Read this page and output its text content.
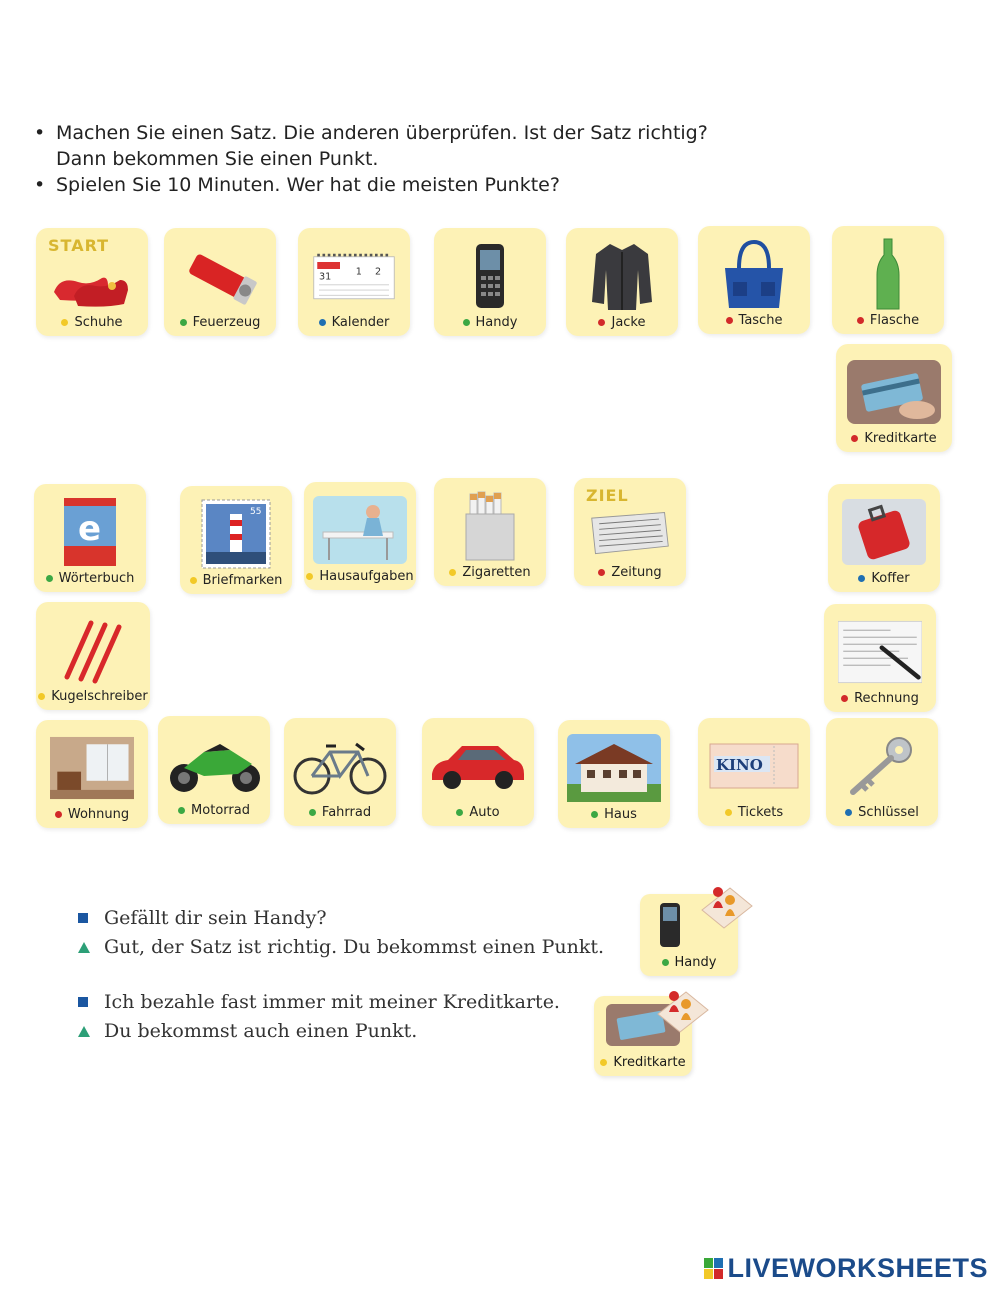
• Machen Sie einen Satz. Die anderen überprüfen. Ist der Satz richtig?
Dann bekommen Sie einen Punkt.
• Spielen Sie 10 Minuten. Wer hat die meisten Punkte?
START
Schuhe	Feuerzeug
31 1 2
Kalender	Handy	Jacke	Tasche	Flasche
Kreditkarte
e
Wörterbuch
55
Briefmarken	Hausaufgaben	Zigaretten
ZIEL
Zeitung	Koffer
Kugelschreiber	Rechnung
Wohnung	Motorrad	Fahrrad	Auto	Haus
KINO
Tickets	Schlüssel
Gefällt dir sein Handy?
Gut, der Satz ist richtig. Du bekommst einen Punkt.
Ich bezahle fast immer mit meiner Kreditkarte.
Du bekommst auch einen Punkt.
Handy
Kreditkarte
LIVEWORKSHEETS
